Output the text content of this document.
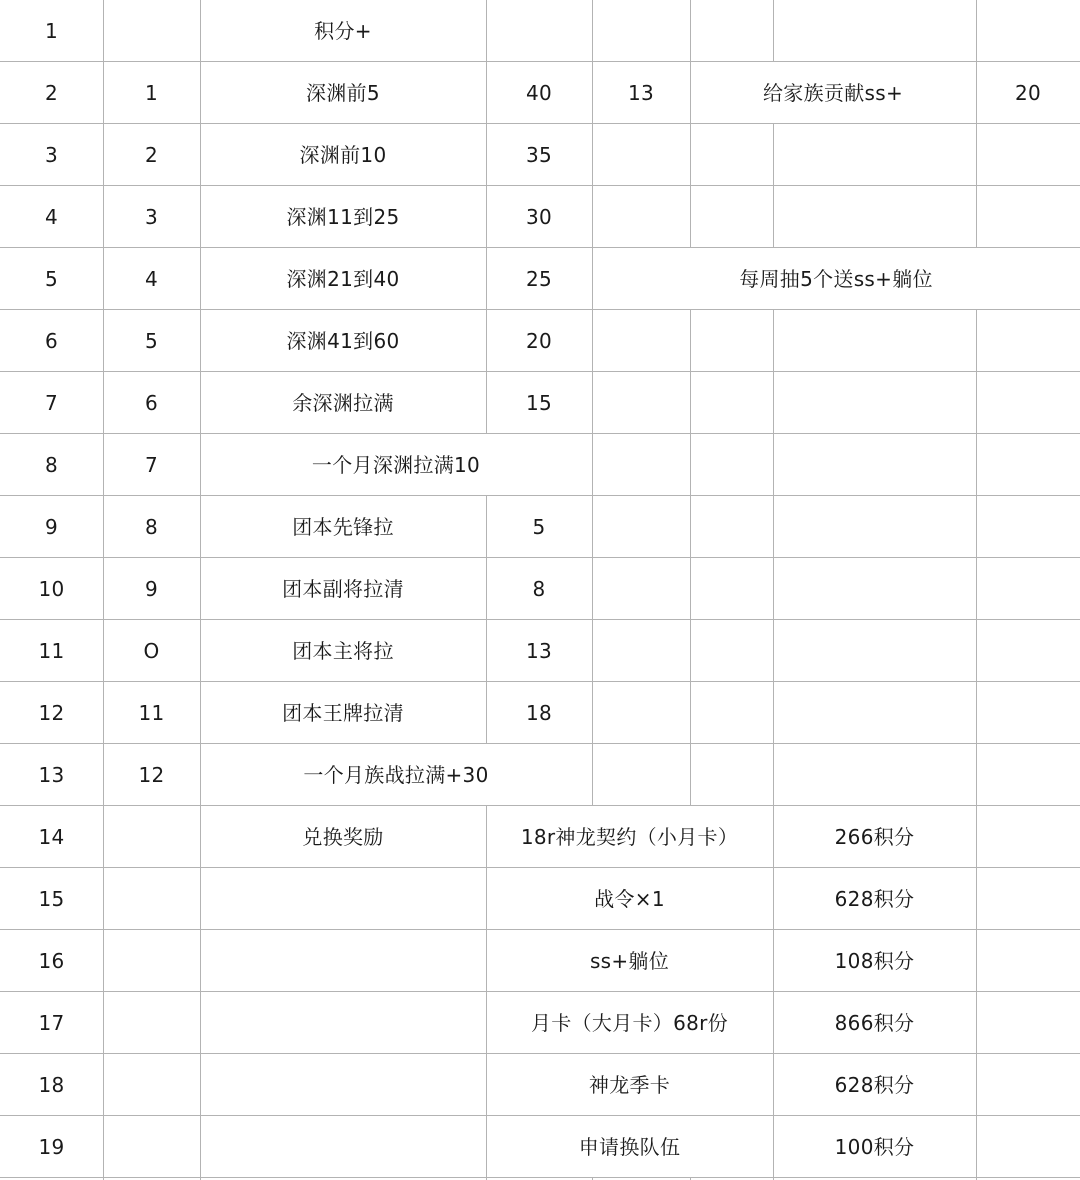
1	积分+
2	1	深渊前5	40	13	给家族贡献ss+	20
3	2	深渊前10	35
4	3	深渊11到25	30
5	4	深渊21到40	25	每周抽5个送ss+躺位
6	5	深渊41到60	20
7	6	余深渊拉满	15
8	7	一个月深渊拉满10
9	8	团本先锋拉	5
10	9	团本副将拉清	8
11	O	团本主将拉	13
12	11	团本王牌拉清	18
13	12	一个月族战拉满+30
14	兑换奖励	18r神龙契约（小月卡）	266积分
15	战令×1	628积分
16	ss+躺位	108积分
17	月卡（大月卡）68r份	866积分
18	神龙季卡	628积分
19	申请换队伍	100积分
